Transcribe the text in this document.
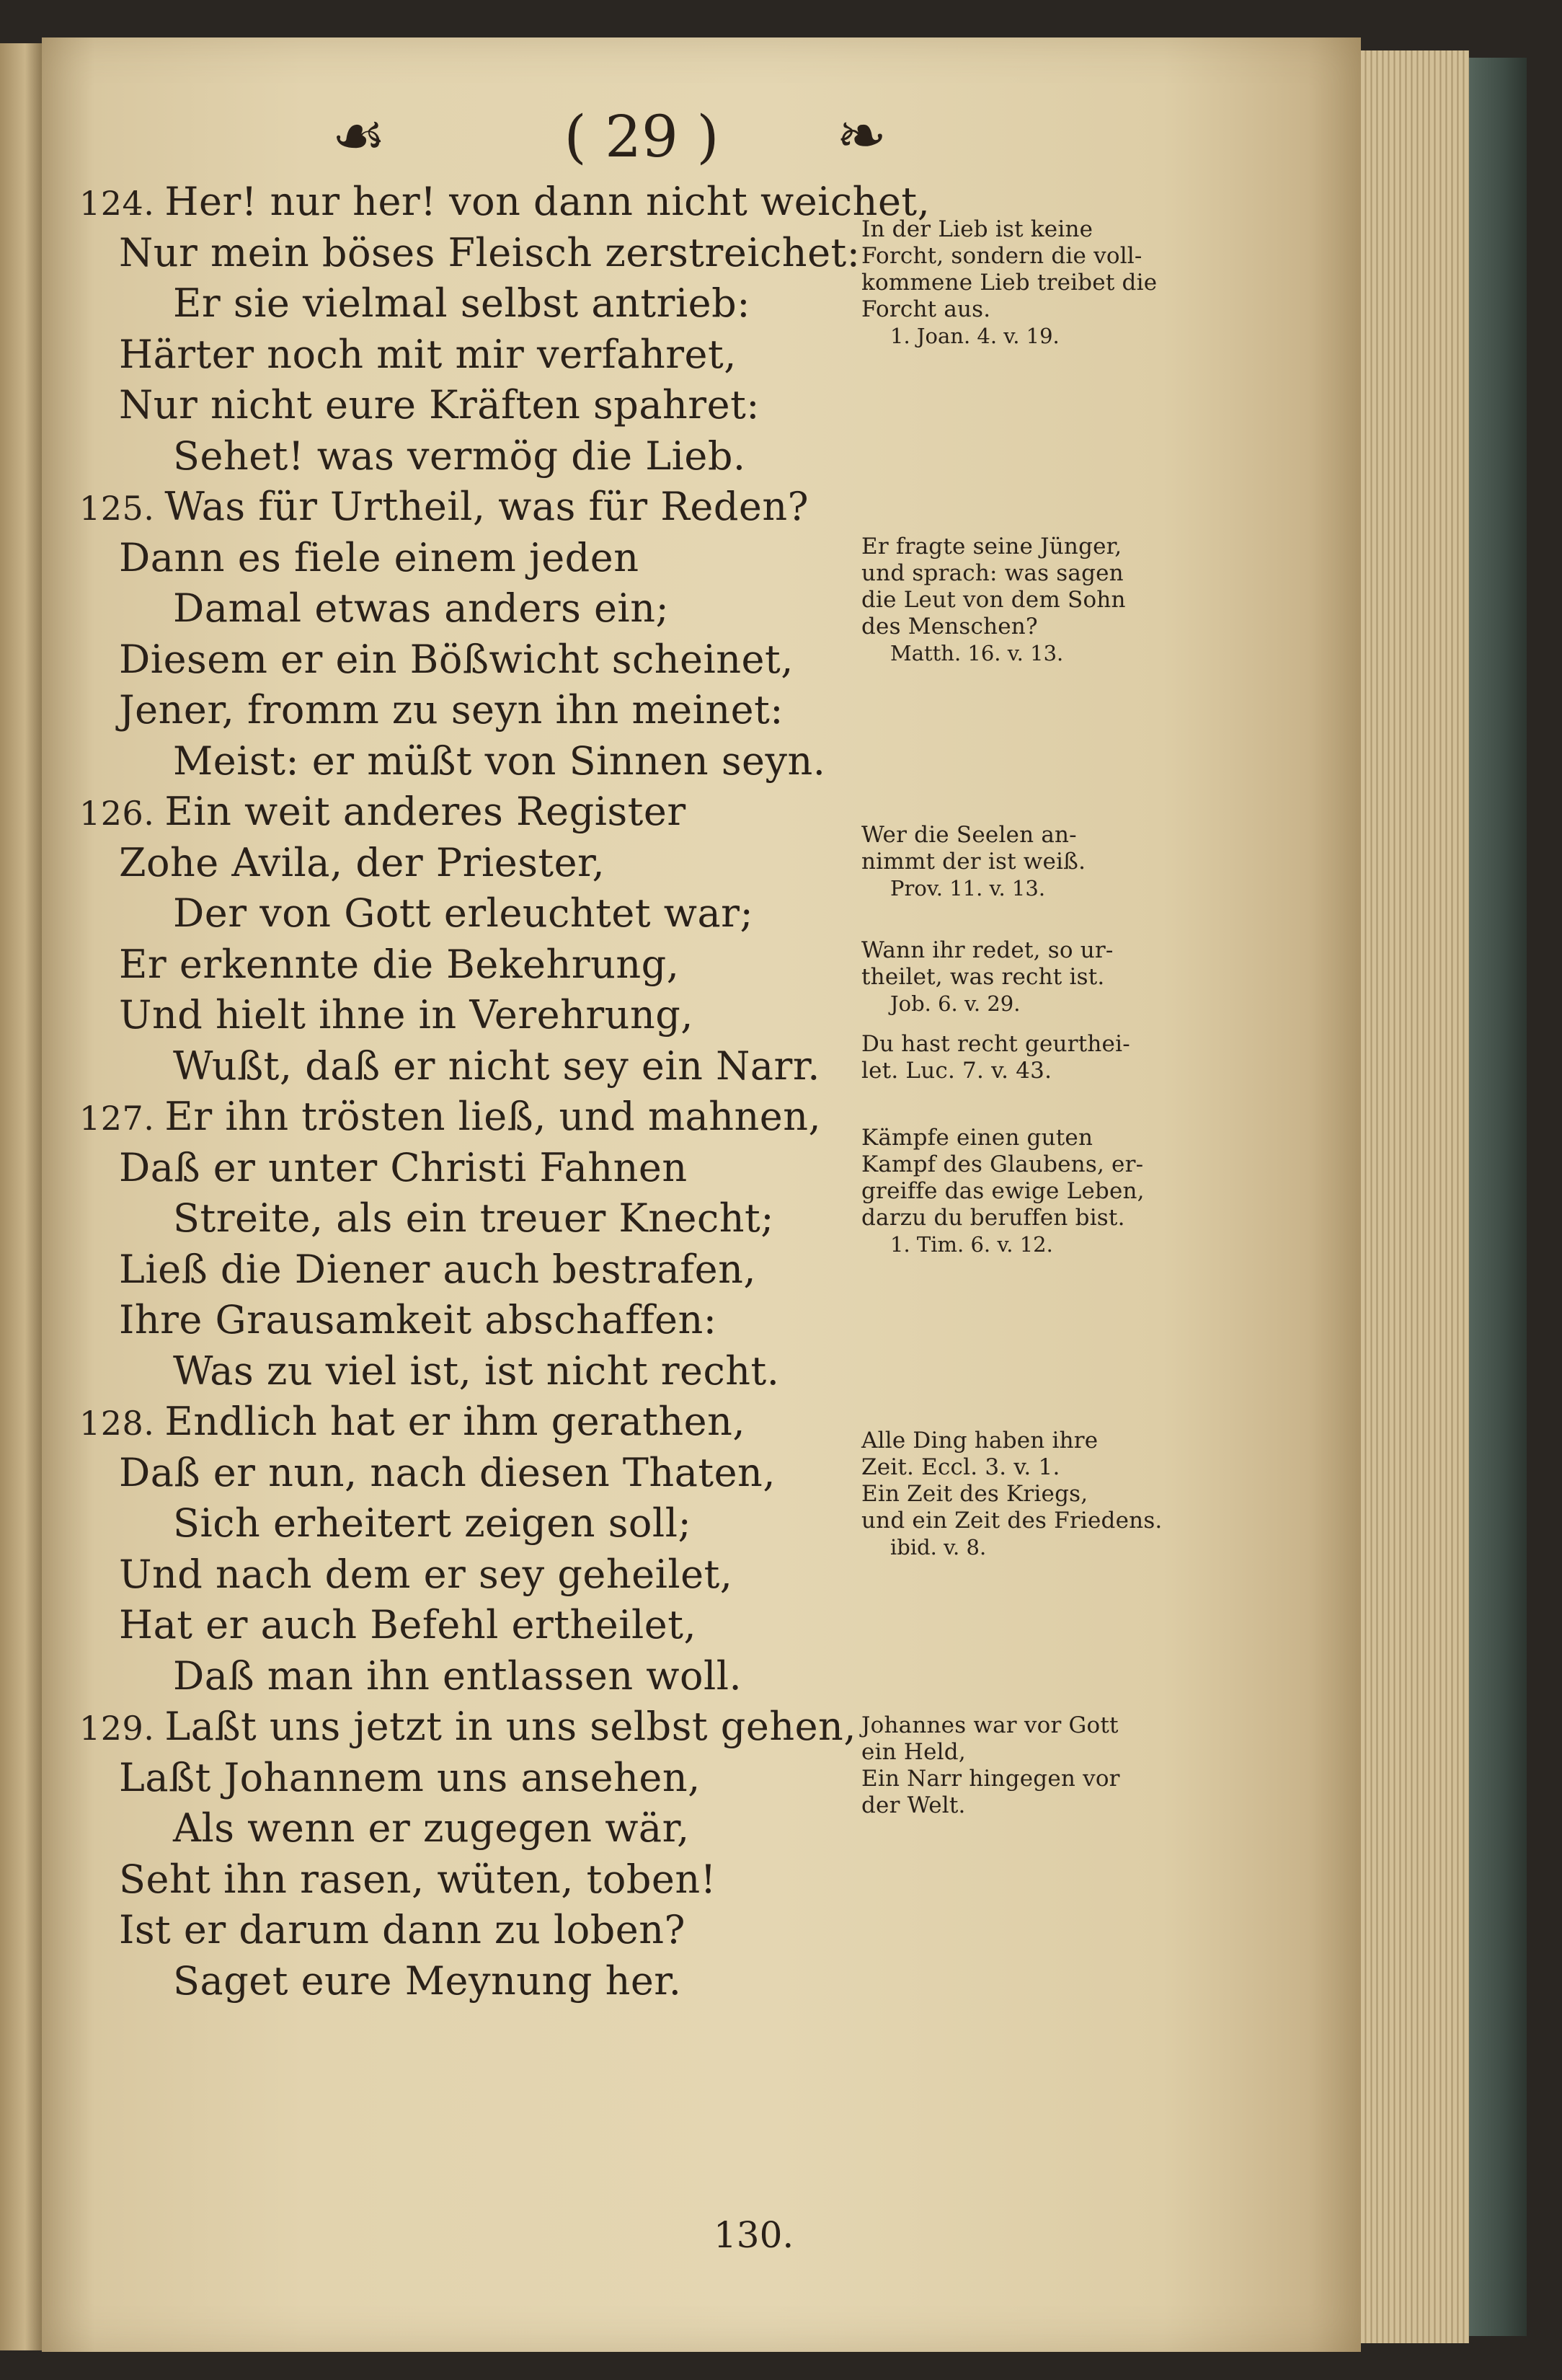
☙	( 29 )	❧
124. Her! nur her! von dann nicht weichet,
Nur mein böses Fleisch zerstreichet:
Er sie vielmal selbst antrieb:
Härter noch mit mir verfahret,
Nur nicht eure Kräften spahret:
Sehet! was vermög die Lieb.
125. Was für Urtheil, was für Reden?
Dann es fiele einem jeden
Damal etwas anders ein;
Diesem er ein Bößwicht scheinet,
Jener, fromm zu seyn ihn meinet:
Meist: er müßt von Sinnen seyn.
126. Ein weit anderes Register
Zohe Avila, der Priester,
Der von Gott erleuchtet war;
Er erkennte die Bekehrung,
Und hielt ihne in Verehrung,
Wußt, daß er nicht sey ein Narr.
127. Er ihn trösten ließ, und mahnen,
Daß er unter Christi Fahnen
Streite, als ein treuer Knecht;
Ließ die Diener auch bestrafen,
Ihre Grausamkeit abschaffen:
Was zu viel ist, ist nicht recht.
128. Endlich hat er ihm gerathen,
Daß er nun, nach diesen Thaten,
Sich erheitert zeigen soll;
Und nach dem er sey geheilet,
Hat er auch Befehl ertheilet,
Daß man ihn entlassen woll.
129. Laßt uns jetzt in uns selbst gehen,
Laßt Johannem uns ansehen,
Als wenn er zugegen wär,
Seht ihn rasen, wüten, toben!
Ist er darum dann zu loben?
Saget eure Meynung her.
130.
In der Lieb ist keine
Forcht, sondern die voll-
kommene Lieb treibet die
Forcht aus.
1. Joan. 4. v. 19.
Er fragte seine Jünger,
und sprach: was sagen
die Leut von dem Sohn
des Menschen?
Matth. 16. v. 13.
Wer die Seelen an-
nimmt der ist weiß.
Prov. 11. v. 13.
Wann ihr redet, so ur-
theilet, was recht ist.
Job. 6. v. 29.
Du hast recht geurthei-
let. Luc. 7. v. 43.
Kämpfe einen guten
Kampf des Glaubens, er-
greiffe das ewige Leben,
darzu du beruffen bist.
1. Tim. 6. v. 12.
Alle Ding haben ihre
Zeit. Eccl. 3. v. 1.
Ein Zeit des Kriegs,
und ein Zeit des Friedens.
ibid. v. 8.
Johannes war vor Gott
ein Held,
Ein Narr hingegen vor
der Welt.
